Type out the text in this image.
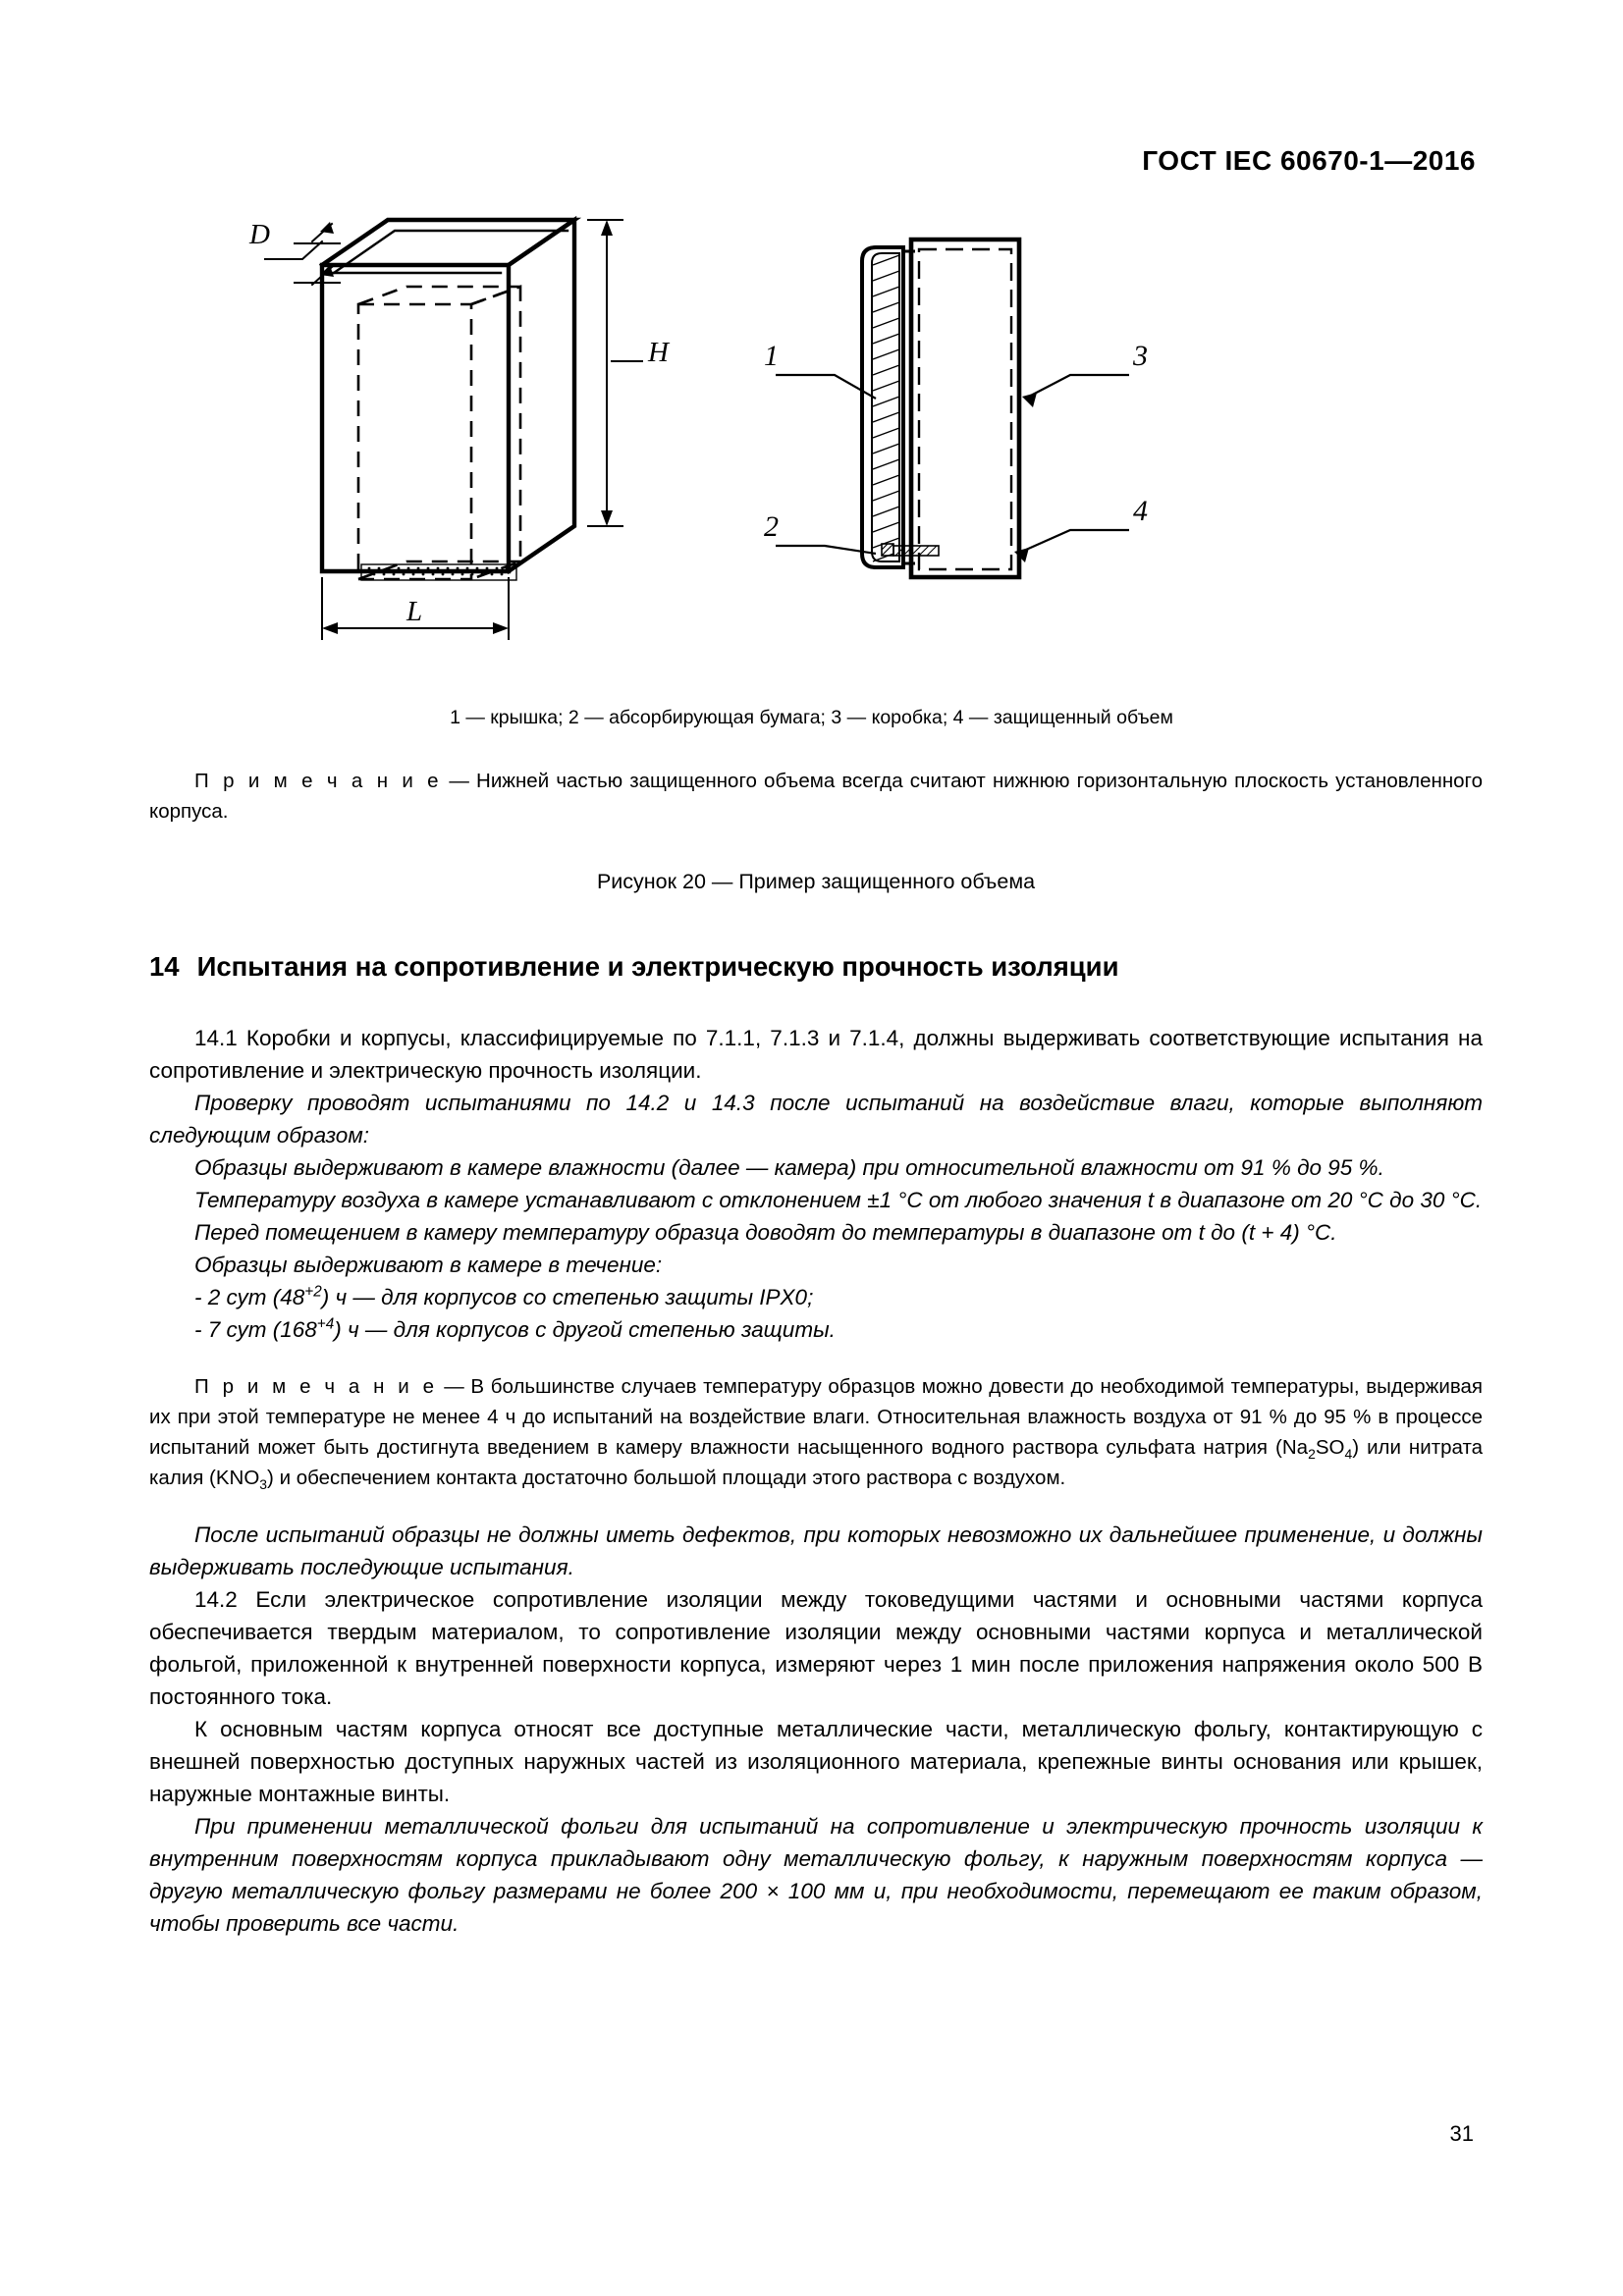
ГОСТ IEC 60670-1—2016
D
H
L
1
2
3
4
1 — крышка; 2 — абсорбирующая бумага; 3 — коробка; 4 — защищенный объем

П р и м е ч а н и е — Нижней частью защищенного объема всегда считают нижнюю горизонтальную плоскость установленного корпуса.

Рисунок 20 — Пример защищенного объема

14 Испытания на сопротивление и электрическую прочность изоляции

14.1 Коробки и корпусы, классифицируемые по 7.1.1, 7.1.3 и 7.1.4, должны выдерживать соответствующие испытания на сопротивление и электрическую прочность изоляции.

Проверку проводят испытаниями по 14.2 и 14.3 после испытаний на воздействие влаги, которые выполняют следующим образом:

Образцы выдерживают в камере влажности (далее — камера) при относительной влажности от 91 % до 95 %.

Температуру воздуха в камере устанавливают с отклонением ±1 °С от любого значения t в диапазоне от 20 °С до 30 °С.

Перед помещением в камеру температуру образца доводят до температуры в диапазоне от t до (t + 4) °С.

Образцы выдерживают в камере в течение:

- 2 сут $(48^{+2})$ ч — для корпусов со степенью защиты IPX0;

- 7 сут $(168^{+4})$ ч — для корпусов с другой степенью защиты.

П р и м е ч а н и е — В большинстве случаев температуру образцов можно довести до необходимой температуры, выдерживая их при этой температуре не менее 4 ч до испытаний на воздействие влаги. Относительная влажность воздуха от 91 % до 95 % в процессе испытаний может быть достигнута введением в камеру влажности насыщенного водного раствора сульфата натрия $(Na_2SO_4)$ или нитрата калия $(KNO_3)$ и обеспечением контакта достаточно большой площади этого раствора с воздухом.

После испытаний образцы не должны иметь дефектов, при которых невозможно их дальнейшее применение, и должны выдерживать последующие испытания.

14.2 Если электрическое сопротивление изоляции между токоведущими частями и основными частями корпуса обеспечивается твердым материалом, то сопротивление изоляции между основными частями корпуса и металлической фольгой, приложенной к внутренней поверхности корпуса, измеряют через 1 мин после приложения напряжения около 500 В постоянного тока.

К основным частям корпуса относят все доступные металлические части, металлическую фольгу, контактирующую с внешней поверхностью доступных наружных частей из изоляционного материала, крепежные винты основания или крышек, наружные монтажные винты.

При применении металлической фольги для испытаний на сопротивление и электрическую прочность изоляции к внутренним поверхностям корпуса прикладывают одну металлическую фольгу, к наружным поверхностям корпуса — другую металлическую фольгу размерами не более 200 × 100 мм и, при необходимости, перемещают ее таким образом, чтобы проверить все части.

31
